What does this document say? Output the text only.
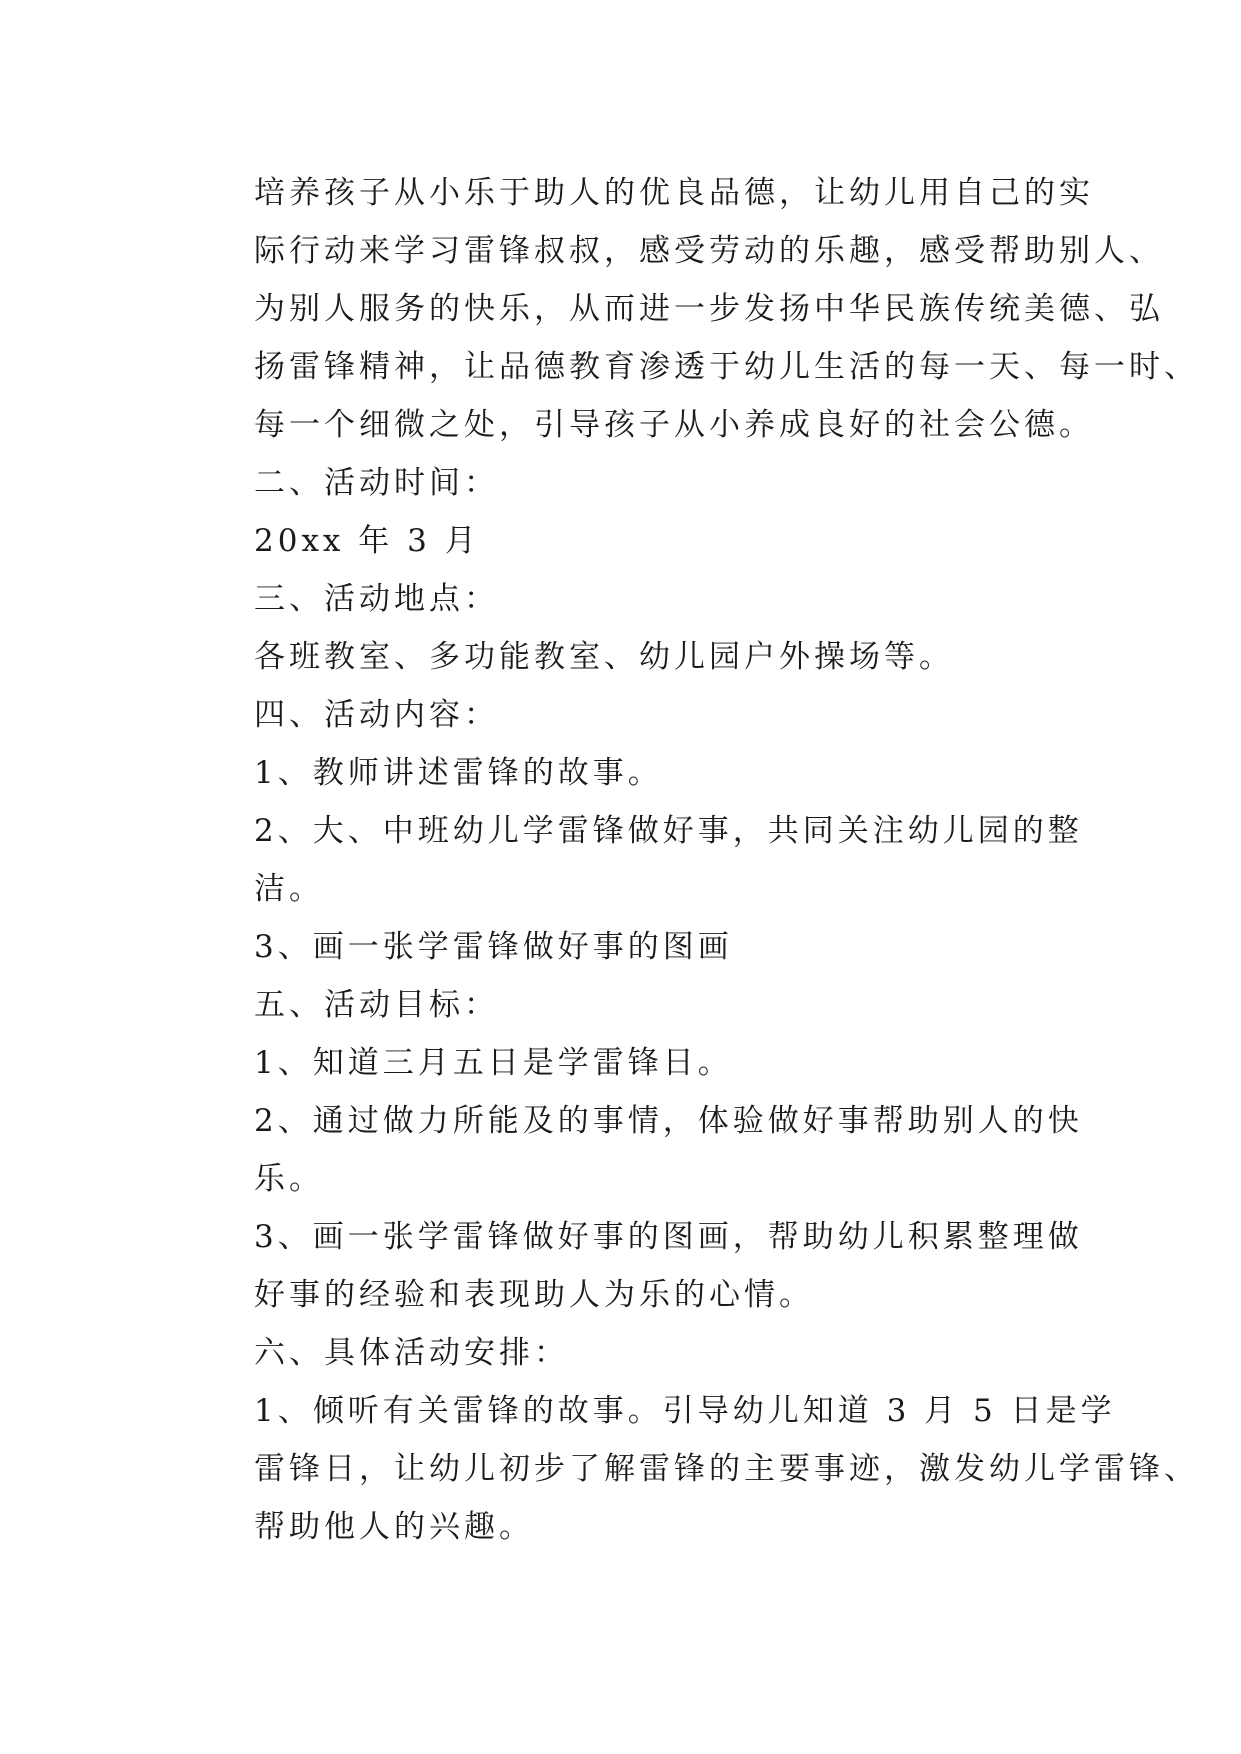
培养孩子从小乐于助人的优良品德，让幼儿用自己的实
际行动来学习雷锋叔叔，感受劳动的乐趣，感受帮助别人、
为别人服务的快乐，从而进一步发扬中华民族传统美德、弘
扬雷锋精神，让品德教育渗透于幼儿生活的每一天、每一时、
每一个细微之处，引导孩子从小养成良好的社会公德。

二、活动时间：

20xx 年 3 月

三、活动地点：

各班教室、多功能教室、幼儿园户外操场等。

四、活动内容：

1、教师讲述雷锋的故事。

2、大、中班幼儿学雷锋做好事，共同关注幼儿园的整
洁。

3、画一张学雷锋做好事的图画

五、活动目标：

1、知道三月五日是学雷锋日。

2、通过做力所能及的事情，体验做好事帮助别人的快
乐。

3、画一张学雷锋做好事的图画，帮助幼儿积累整理做
好事的经验和表现助人为乐的心情。

六、具体活动安排：

1、倾听有关雷锋的故事。引导幼儿知道 3 月 5 日是学
雷锋日，让幼儿初步了解雷锋的主要事迹，激发幼儿学雷锋、
帮助他人的兴趣。
